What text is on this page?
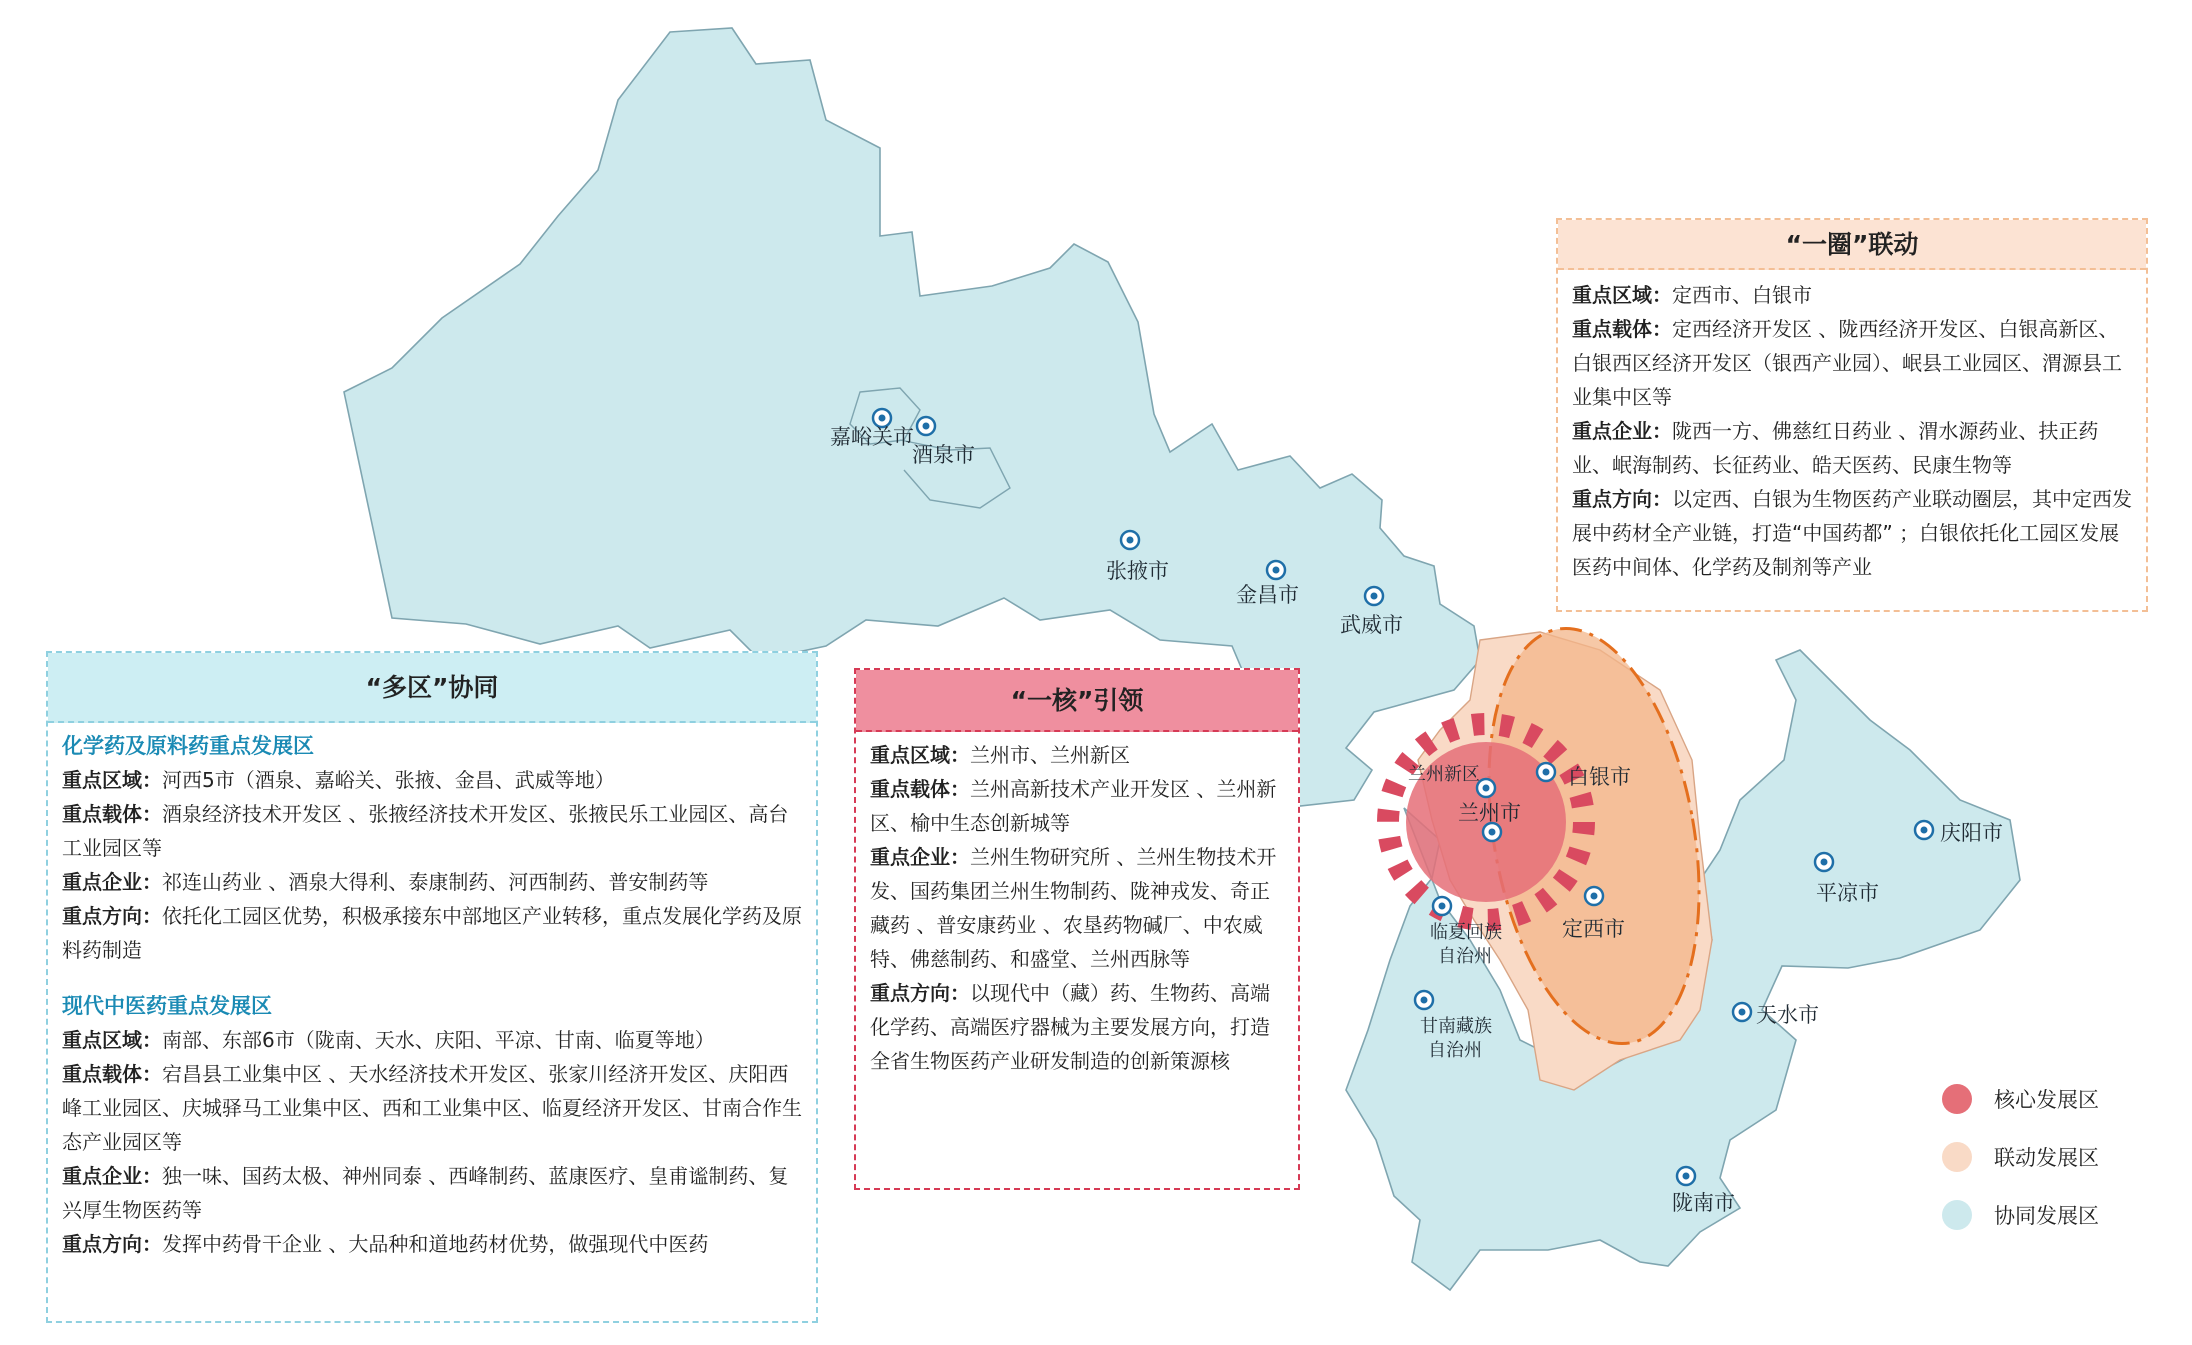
嘉峪关市
酒泉市
张掖市
金昌市
武威市
兰州新区
兰州市
白银市
定西市
临夏回族
自治州
甘南藏族
自治州
天水市
平凉市
庆阳市
陇南市
“多区”协同

化学药及原料药重点发展区

重点区域：河西5市（酒泉、嘉峪关、张掖、金昌、武威等地）

重点载体：酒泉经济技术开发区 、张掖经济技术开发区、张掖民乐工业园区、高台工业园区等

重点企业：祁连山药业 、酒泉大得利、泰康制药、河西制药、普安制药等

重点方向：依托化工园区优势，积极承接东中部地区产业转移，重点发展化学药及原料药制造

现代中医药重点发展区

重点区域：南部、东部6市（陇南、天水、庆阳、平凉、甘南、临夏等地）

重点载体：宕昌县工业集中区 、天水经济技术开发区、张家川经济开发区、庆阳西峰工业园区、庆城驿马工业集中区、西和工业集中区、临夏经济开发区、甘南合作生态产业园区等

重点企业：独一味、国药太极、神州同泰 、西峰制药、蓝康医疗、皇甫谧制药、复兴厚生物医药等

重点方向：发挥中药骨干企业 、大品种和道地药材优势，做强现代中医药

“一核”引领

重点区域：兰州市、兰州新区

重点载体：兰州高新技术产业开发区 、兰州新区、榆中生态创新城等

重点企业：兰州生物研究所 、兰州生物技术开发、国药集团兰州生物制药、陇神戎发、奇正藏药 、普安康药业 、农垦药物碱厂、中农威特、佛慈制药、和盛堂、兰州西脉等

重点方向：以现代中（藏）药、生物药、高端化学药、高端医疗器械为主要发展方向，打造全省生物医药产业研发制造的创新策源核

“一圈”联动

重点区域：定西市、白银市

重点载体：定西经济开发区 、陇西经济开发区、白银高新区、白银西区经济开发区（银西产业园）、岷县工业园区、渭源县工业集中区等

重点企业：陇西一方、佛慈红日药业 、渭水源药业、扶正药业、岷海制药、长征药业、皓天医药、民康生物等

重点方向：以定西、白银为生物医药产业联动圈层，其中定西发展中药材全产业链，打造“中国药都” ；白银依托化工园区发展医药中间体、化学药及制剂等产业

核心发展区
联动发展区
协同发展区
